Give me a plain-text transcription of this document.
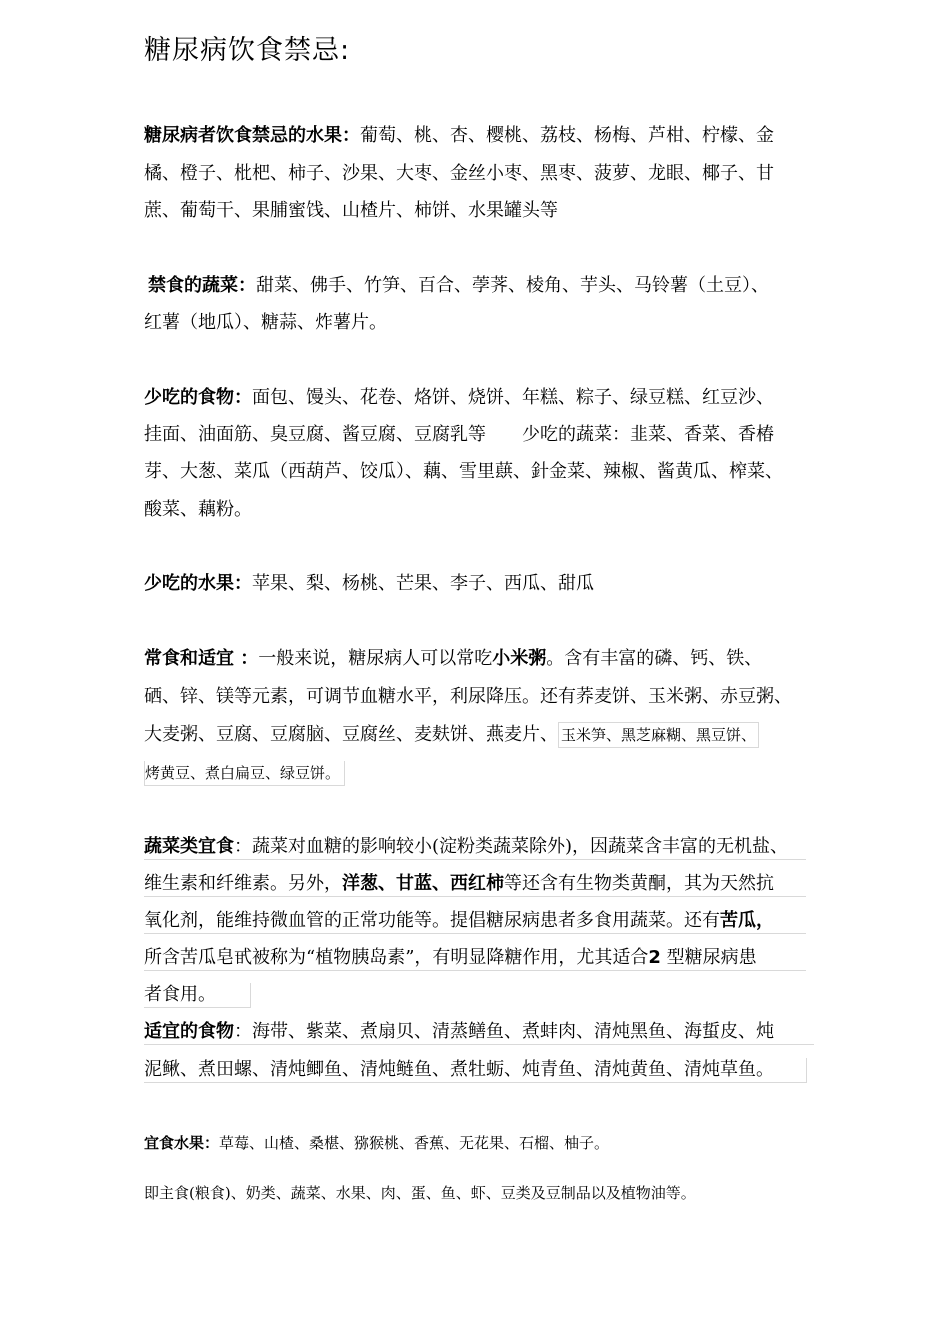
糖尿病饮食禁忌:
糖尿病者饮食禁忌的水果：葡萄、桃、杏、樱桃、荔枝、杨梅、芦柑、柠檬、金
橘、橙子、枇杷、柿子、沙果、大枣、金丝小枣、黑枣、菠萝、龙眼、椰子、甘
蔗、葡萄干、果脯蜜饯、山楂片、柿饼、水果罐头等
禁食的蔬菜：甜菜、佛手、竹笋、百合、荸荠、棱角、芋头、马铃薯（土豆）、
红薯（地瓜）、糖蒜、炸薯片。
少吃的食物：面包、馒头、花卷、烙饼、烧饼、年糕、粽子、绿豆糕、红豆沙、
挂面、油面筋、臭豆腐、酱豆腐、豆腐乳等　　少吃的蔬菜：韭菜、香菜、香椿
芽、大葱、菜瓜（西葫芦、饺瓜）、藕、雪里蕻、針金菜、辣椒、酱黄瓜、榨菜、
酸菜、藕粉。
少吃的水果：苹果、梨、杨桃、芒果、李子、西瓜、甜瓜
常食和适宜 ：一般来说，糖尿病人可以常吃小米粥。含有丰富的磷、钙、铁、
硒、锌、镁等元素，可调节血糖水平，利尿降压。还有荞麦饼、玉米粥、赤豆粥、
大麦粥、豆腐、豆腐脑、豆腐丝、麦麸饼、燕麦片、 玉米笋、黑芝麻糊、黑豆饼、
烤黄豆、煮白扁豆、绿豆饼。
蔬菜类宜食：蔬菜对血糖的影响较小(淀粉类蔬菜除外)，因蔬菜含丰富的无机盐、
维生素和纤维素。另外，洋葱、甘蓝、西红柿等还含有生物类黄酮，其为天然抗
氧化剂，能维持微血管的正常功能等。提倡糖尿病患者多食用蔬菜。还有苦瓜，
所含苦瓜皂甙被称为“植物胰岛素”，有明显降糖作用，尤其适合2 型糖尿病患
者食用。
适宜的食物：海带、紫菜、煮扇贝、清蒸鳝鱼、煮蚌肉、清炖黑鱼、海蜇皮、炖
泥鳅、煮田螺、清炖鲫鱼、清炖鲢鱼、煮牡蛎、炖青鱼、清炖黄鱼、清炖草鱼。
宜食水果：草莓、山楂、桑椹、猕猴桃、香蕉、无花果、石榴、柚子。
即主食(粮食)、奶类、蔬菜、水果、肉、蛋、鱼、虾、豆类及豆制品以及植物油等。
